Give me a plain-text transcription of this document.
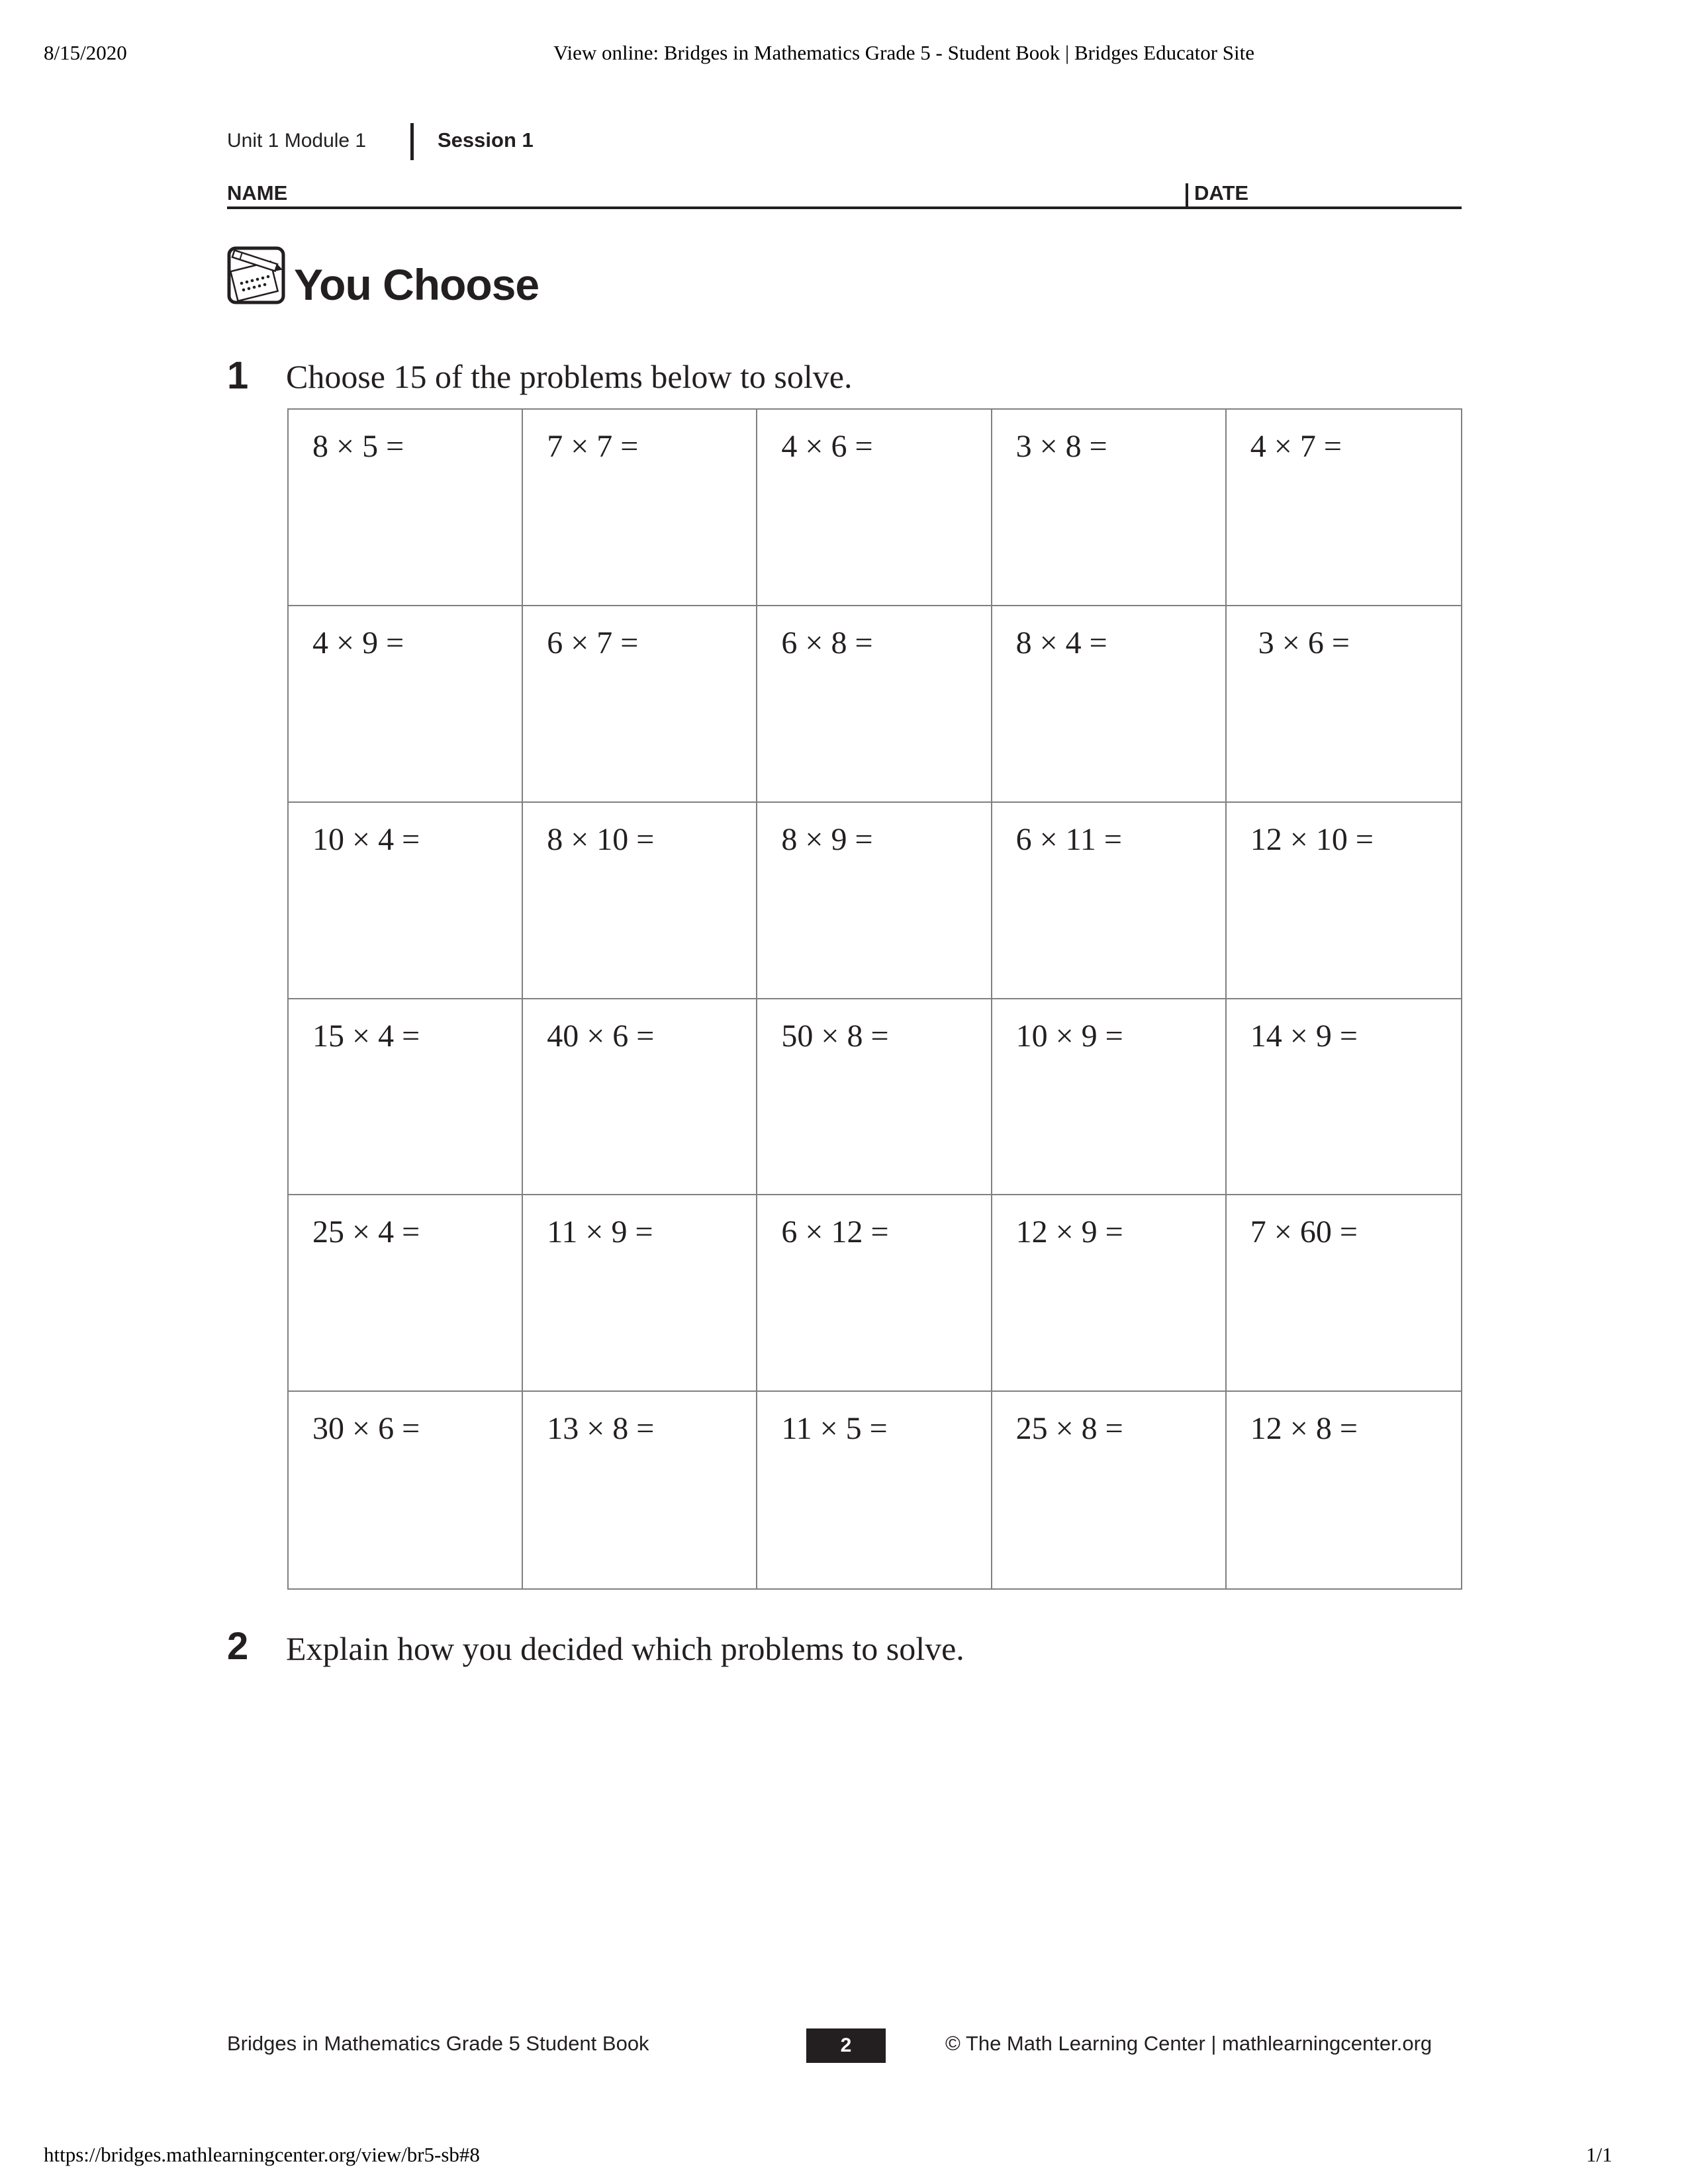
8/15/2020	View online: Bridges in Mathematics Grade 5 - Student Book | Bridges Educator Site
Unit 1 Module 1	Session 1
NAME	DATE
You Choose
1 Choose 15 of the problems below to solve.
8 × 5 =	7 × 7 =	4 × 6 =	3 × 8 =	4 × 7 =
4 × 9 =	6 × 7 =	6 × 8 =	8 × 4 =	3 × 6 =
10 × 4 =	8 × 10 =	8 × 9 =	6 × 11 =	12 × 10 =
15 × 4 =	40 × 6 =	50 × 8 =	10 × 9 =	14 × 9 =
25 × 4 =	11 × 9 =	6 × 12 =	12 × 9 =	7 × 60 =
30 × 6 =	13 × 8 =	11 × 5 =	25 × 8 =	12 × 8 =
2 Explain how you decided which problems to solve.
Bridges in Mathematics Grade 5 Student Book	2	© The Math Learning Center | mathlearningcenter.org
https://bridges.mathlearningcenter.org/view/br5-sb#8	1/1
